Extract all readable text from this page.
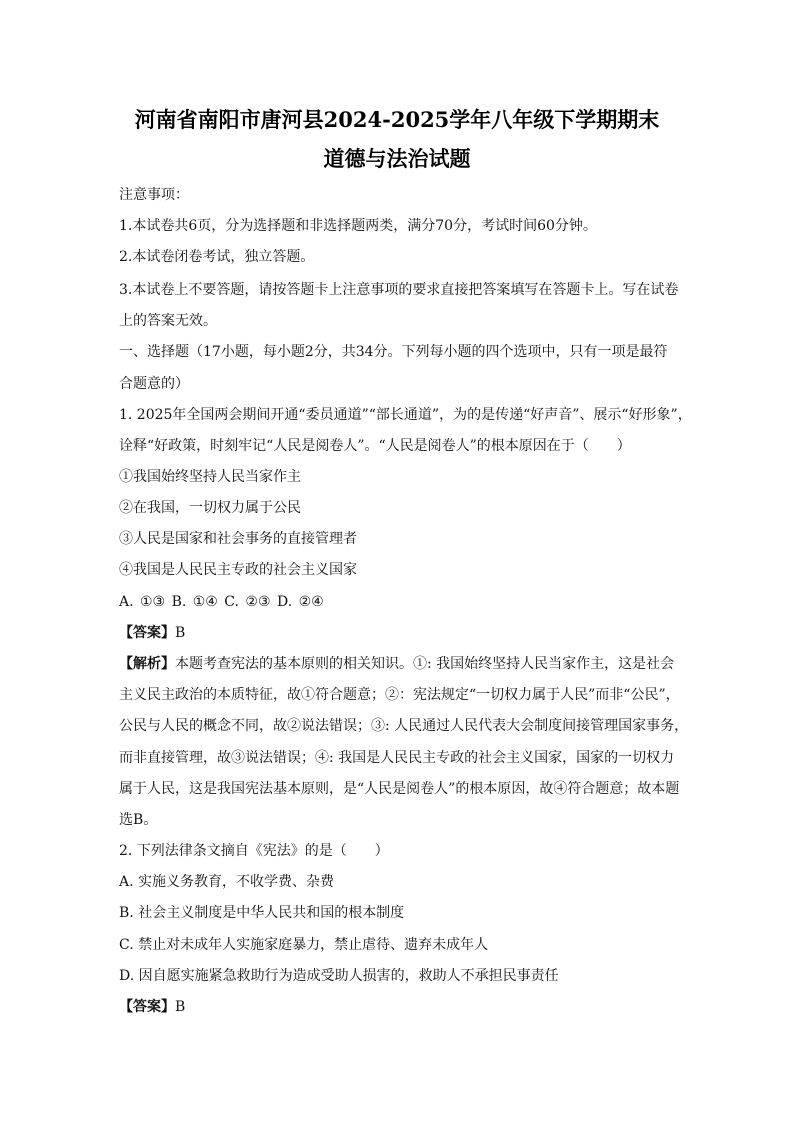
河南省南阳市唐河县2024-2025学年八年级下学期期末
道德与法治试题
注意事项：
1.本试卷共6页，分为选择题和非选择题两类，满分70分，考试时间60分钟。
2.本试卷闭卷考试，独立答题。
3.本试卷上不要答题，请按答题卡上注意事项的要求直接把答案填写在答题卡上。写在试卷
上的答案无效。
一、选择题（17小题，每小题2分，共34分。下列每小题的四个选项中，只有一项是最符
合题意的）
1. 2025年全国两会期间开通“委员通道”“部长通道”，为的是传递“好声音”、展示“好形象”，
诠释“好政策，时刻牢记“人民是阅卷人”。“人民是阅卷人”的根本原因在于（　　）
①我国始终坚持人民当家作主
②在我国，一切权力属于公民
③人民是国家和社会事务的直接管理者
④我国是人民民主专政的社会主义国家
A. ①③ B. ①④ C. ②③ D. ②④
【答案】B
【解析】本题考查宪法的基本原则的相关知识。①: 我国始终坚持人民当家作主，这是社会
主义民主政治的本质特征，故①符合题意；②：宪法规定“一切权力属于人民”而非“公民”，
公民与人民的概念不同，故②说法错误；③: 人民通过人民代表大会制度间接管理国家事务，
而非直接管理，故③说法错误；④: 我国是人民民主专政的社会主义国家，国家的一切权力
属于人民，这是我国宪法基本原则，是“人民是阅卷人”的根本原因，故④符合题意；故本题
选B。
2. 下列法律条文摘自《宪法》的是（　　）
A. 实施义务教育，不收学费、杂费
B. 社会主义制度是中华人民共和国的根本制度
C. 禁止对未成年人实施家庭暴力，禁止虐待、遗弃未成年人
D. 因自愿实施紧急救助行为造成受助人损害的，救助人不承担民事责任
【答案】B
